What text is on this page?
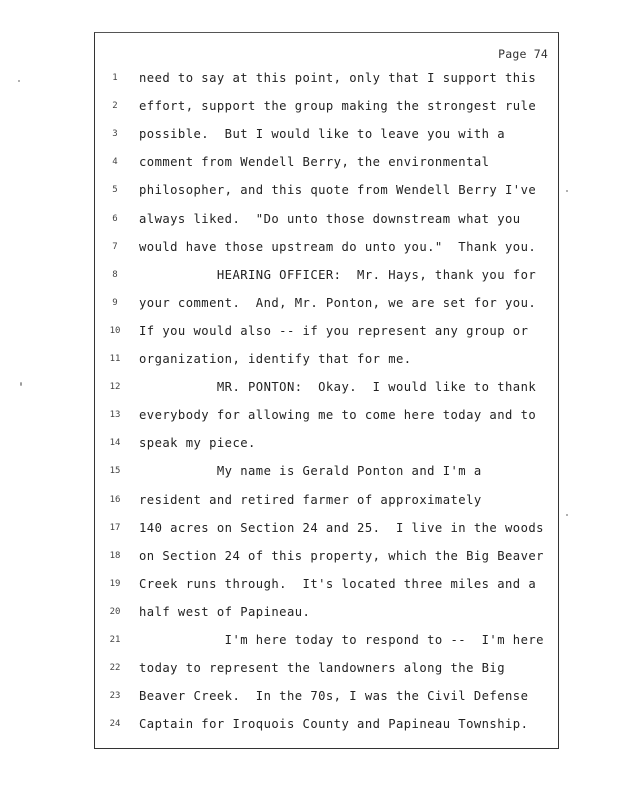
Page 74
1	need to say at this point, only that I support this
2	effort, support the group making the strongest rule
3	possible.  But I would like to leave you with a
4	comment from Wendell Berry, the environmental
5	philosopher, and this quote from Wendell Berry I've
6	always liked.  "Do unto those downstream what you
7	would have those upstream do unto you."  Thank you.
8	HEARING OFFICER:  Mr. Hays, thank you for
9	your comment.  And, Mr. Ponton, we are set for you.
10	If you would also -- if you represent any group or
11	organization, identify that for me.
12	MR. PONTON:  Okay.  I would like to thank
13	everybody for allowing me to come here today and to
14	speak my piece.
15	My name is Gerald Ponton and I'm a
16	resident and retired farmer of approximately
17	140 acres on Section 24 and 25.  I live in the woods
18	on Section 24 of this property, which the Big Beaver
19	Creek runs through.  It's located three miles and a
20	half west of Papineau.
21	I'm here today to respond to --  I'm here
22	today to represent the landowners along the Big
23	Beaver Creek.  In the 70s, I was the Civil Defense
24	Captain for Iroquois County and Papineau Township.
